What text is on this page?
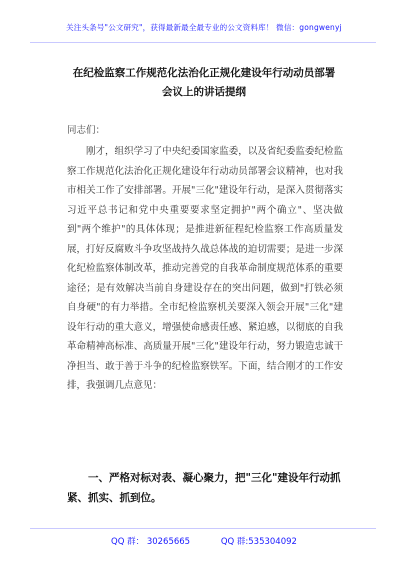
关注头条号"公文研究"，获得最新最全最专业的公文资料库！ 微信：gongwenyj
在纪检监察工作规范化法治化正规化建设年行动动员部署
会议上的讲话提纲
同志们：

刚才，组织学习了中央纪委国家监委，以及省纪委监委纪检监察工作规范化法治化正规化建设年行动动员部署会议精神，也对我市相关工作了安排部署。开展"三化"建设年行动，是深入贯彻落实习近平总书记和党中央重要要求坚定拥护"两个确立"、坚决做到"两个维护"的具体体现；是推进新征程纪检监察工作高质量发展，打好反腐败斗争攻坚战持久战总体战的迫切需要；是进一步深化纪检监察体制改革，推动完善党的自我革命制度规范体系的重要途径；是有效解决当前自身建设存在的突出问题，做到"打铁必须自身硬"的有力举措。全市纪检监察机关要深入领会开展"三化"建设年行动的重大意义，增强使命感责任感、紧迫感，以彻底的自我革命精神高标准、高质量开展"三化"建设年行动，努力锻造忠诚干净担当、敢于善于斗争的纪检监察铁军。下面，结合刚才的工作安排，我强调几点意见：

一、严格对标对表、凝心聚力，把"三化"建设年行动抓紧、抓实、抓到位。
QQ 群： 30265665	QQ 群:535304092
